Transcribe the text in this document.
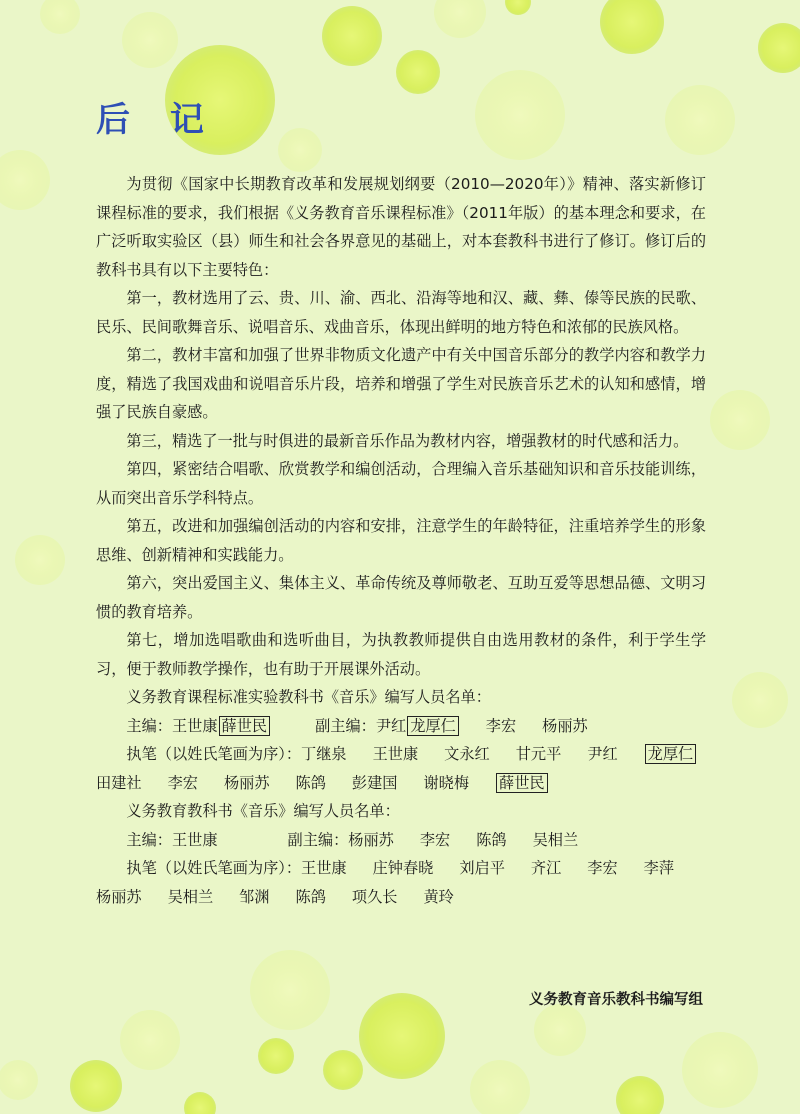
后 记

为贯彻《国家中长期教育改革和发展规划纲要（2010—2020年）》精神、落实新修订课程标准的要求，我们根据《义务教育音乐课程标准》（2011年版）的基本理念和要求，在广泛听取实验区（县）师生和社会各界意见的基础上，对本套教科书进行了修订。修订后的教科书具有以下主要特色：

第一，教材选用了云、贵、川、渝、西北、沿海等地和汉、藏、彝、傣等民族的民歌、民乐、民间歌舞音乐、说唱音乐、戏曲音乐，体现出鲜明的地方特色和浓郁的民族风格。

第二，教材丰富和加强了世界非物质文化遗产中有关中国音乐部分的教学内容和教学力度，精选了我国戏曲和说唱音乐片段，培养和增强了学生对民族音乐艺术的认知和感情，增强了民族自豪感。

第三，精选了一批与时俱进的最新音乐作品为教材内容，增强教材的时代感和活力。

第四，紧密结合唱歌、欣赏教学和编创活动，合理编入音乐基础知识和音乐技能训练，从而突出音乐学科特点。

第五，改进和加强编创活动的内容和安排，注意学生的年龄特征，注重培养学生的形象思维、创新精神和实践能力。

第六，突出爱国主义、集体主义、革命传统及尊师敬老、互助互爱等思想品德、文明习惯的教育培养。

第七，增加选唱歌曲和选听曲目，为执教教师提供自由选用教材的条件，利于学生学习，便于教师教学操作，也有助于开展课外活动。

义务教育课程标准实验教科书《音乐》编写人员名单：

主编：王世康 薛世民	副主编：尹红 龙厚仁 李宏 杨丽苏

执笔（以姓氏笔画为序）：丁继泉 王世康 文永红 甘元平 尹红 龙厚仁

田建社 李宏 杨丽苏 陈鸽 彭建国 谢晓梅 薛世民

义务教育教科书《音乐》编写人员名单：

主编：王世康	副主编：杨丽苏 李宏 陈鸽 吴相兰

执笔（以姓氏笔画为序）：王世康 庄钟春晓 刘启平 齐江 李宏 李萍

杨丽苏 吴相兰 邹渊 陈鸽 项久长 黄玲

义务教育音乐教科书编写组
